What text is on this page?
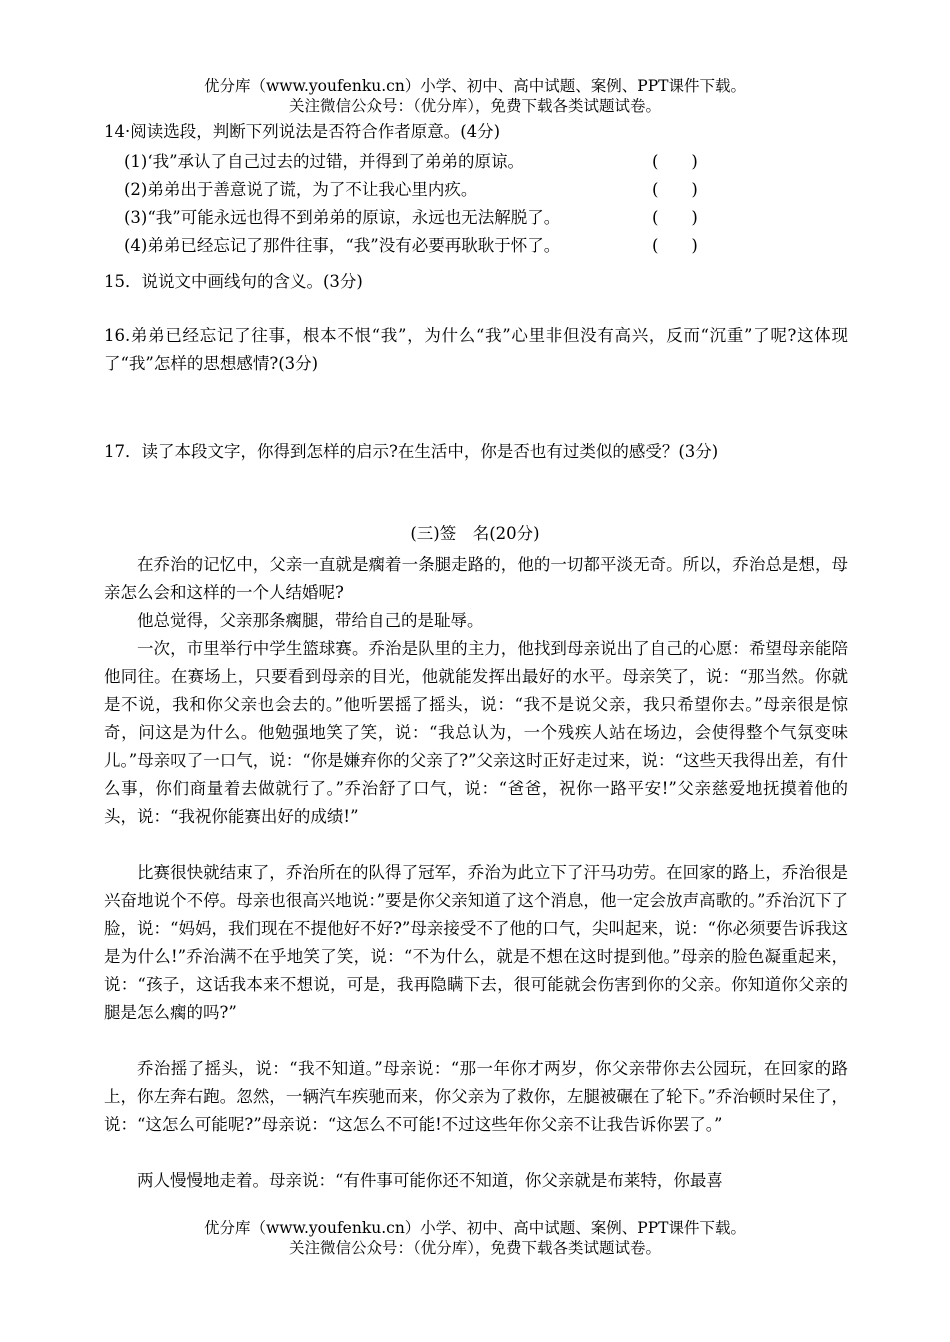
优分库（www.youfenku.cn）小学、初中、高中试题、案例、PPT课件下载。
关注微信公众号：（优分库），免费下载各类试题试卷。
14·阅读选段，判断下列说法是否符合作者原意。(4分)
(1)‘我”承认了自己过去的过错，并得到了弟弟的原谅。	(　　)
(2)弟弟出于善意说了谎，为了不让我心里内疚。	(　　)
(3)“我”可能永远也得不到弟弟的原谅，永远也无法解脱了。	(　　)
(4)弟弟已经忘记了那件往事，“我”没有必要再耿耿于怀了。	(　　)
15．说说文中画线句的含义。(3分)
16.弟弟已经忘记了往事，根本不恨“我”，为什么“我”心里非但没有高兴，反而“沉重”了呢?这体现了“我”怎样的思想感情?(3分)
17．读了本段文字，你得到怎样的启示?在生活中，你是否也有过类似的感受？(3分)
(三)签　名(20分)
在乔治的记忆中，父亲一直就是瘸着一条腿走路的，他的一切都平淡无奇。所以，乔治总是想，母亲怎么会和这样的一个人结婚呢?
他总觉得，父亲那条瘸腿，带给自己的是耻辱。
一次，市里举行中学生篮球赛。乔治是队里的主力，他找到母亲说出了自己的心愿：希望母亲能陪他同往。在赛场上，只要看到母亲的目光，他就能发挥出最好的水平。母亲笑了，说：“那当然。你就是不说，我和你父亲也会去的。”他听罢摇了摇头，说：“我不是说父亲，我只希望你去。”母亲很是惊奇，问这是为什么。他勉强地笑了笑，说：“我总认为，一个残疾人站在场边，会使得整个气氛变味儿。”母亲叹了一口气，说：“你是嫌弃你的父亲了?”父亲这时正好走过来，说：“这些天我得出差，有什么事，你们商量着去做就行了。”乔治舒了口气，说：“爸爸，祝你一路平安!”父亲慈爱地抚摸着他的头，说：“我祝你能赛出好的成绩!”
比赛很快就结束了，乔治所在的队得了冠军，乔治为此立下了汗马功劳。在回家的路上，乔治很是兴奋地说个不停。母亲也很高兴地说：”要是你父亲知道了这个消息，他一定会放声高歌的。”乔治沉下了脸，说：“妈妈，我们现在不提他好不好?”母亲接受不了他的口气，尖叫起来，说：“你必须要告诉我这是为什么!”乔治满不在乎地笑了笑，说：“不为什么，就是不想在这时提到他。”母亲的脸色凝重起来，说：“孩子，这话我本来不想说，可是，我再隐瞒下去，很可能就会伤害到你的父亲。你知道你父亲的腿是怎么瘸的吗?”
乔治摇了摇头，说：“我不知道。”母亲说：“那一年你才两岁，你父亲带你去公园玩，在回家的路上，你左奔右跑。忽然，一辆汽车疾驰而来，你父亲为了救你，左腿被碾在了轮下。”乔治顿时呆住了，说：“这怎么可能呢?”母亲说：“这怎么不可能!不过这些年你父亲不让我告诉你罢了。”
两人慢慢地走着。母亲说：“有件事可能你还不知道，你父亲就是布莱特，你最喜
优分库（www.youfenku.cn）小学、初中、高中试题、案例、PPT课件下载。
关注微信公众号：（优分库），免费下载各类试题试卷。
